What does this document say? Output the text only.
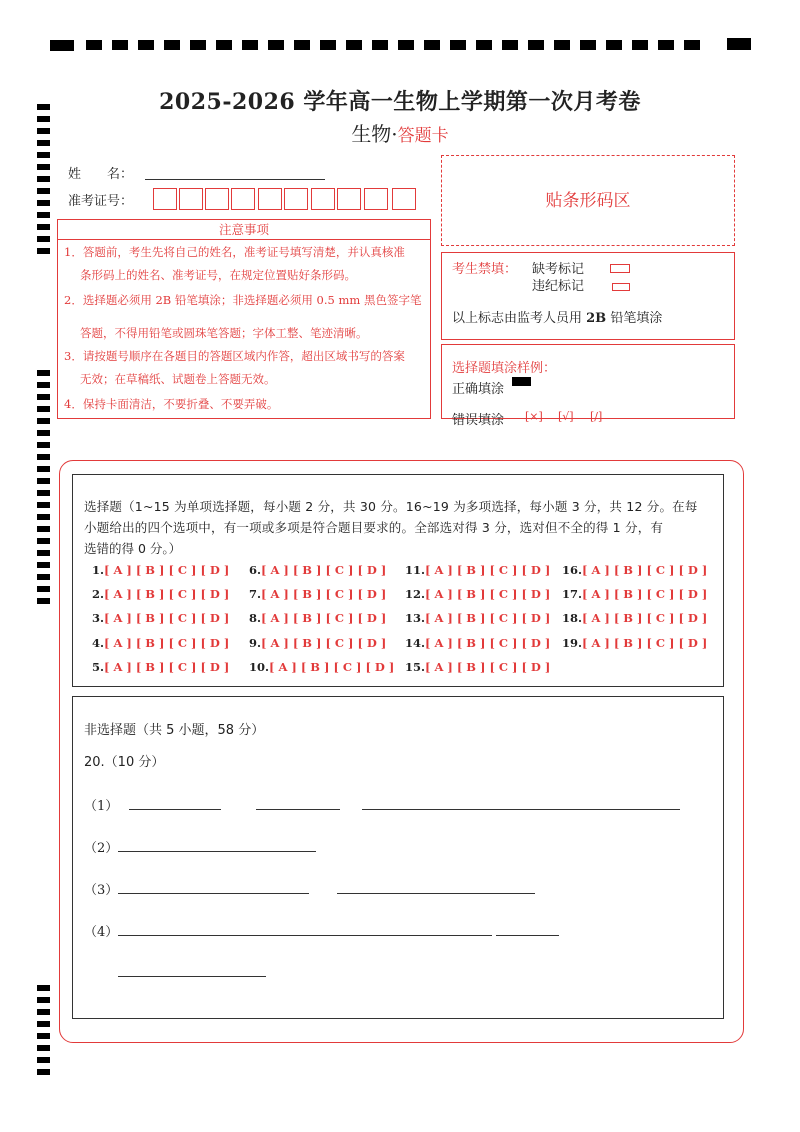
2025-2026 学年高一生物上学期第一次月考卷
生物·答题卡
姓　　名：
准考证号：	贴条形码区
注意事项
1．答题前，考生先将自己的姓名，准考证号填写清楚，并认真核准
条形码上的姓名、准考证号，在规定位置贴好条形码。
2．选择题必须用 2B 铅笔填涂；非选择题必须用 0.5 mm 黑色签字笔
答题，不得用铅笔或圆珠笔答题；字体工整、笔迹清晰。
3．请按题号顺序在各题目的答题区域内作答，超出区域书写的答案
无效；在草稿纸、试题卷上答题无效。
4．保持卡面清洁，不要折叠、不要弄破。
考生禁填： 缺考标记
违纪标记
以上标志由监考人员用 2B 铅笔填涂
选择题填涂样例：
正确填涂
错误填涂 [×] [√] [/]
选择题（1~15 为单项选择题，每小题 2 分，共 30 分。16~19 为多项选择，每小题 3 分，共 12 分。在每
小题给出的四个选项中，有一项或多项是符合题目要求的。全部选对得 3 分，选对但不全的得 1 分，有
选错的得 0 分。）
1.[ A ] [ B ] [ C ] [ D ]
2.[ A ] [ B ] [ C ] [ D ]
3.[ A ] [ B ] [ C ] [ D ]
4.[ A ] [ B ] [ C ] [ D ]
5.[ A ] [ B ] [ C ] [ D ]
6.[ A ] [ B ] [ C ] [ D ]
7.[ A ] [ B ] [ C ] [ D ]
8.[ A ] [ B ] [ C ] [ D ]
9.[ A ] [ B ] [ C ] [ D ]
10.[ A ] [ B ] [ C ] [ D ]
11.[ A ] [ B ] [ C ] [ D ]
12.[ A ] [ B ] [ C ] [ D ]
13.[ A ] [ B ] [ C ] [ D ]
14.[ A ] [ B ] [ C ] [ D ]
15.[ A ] [ B ] [ C ] [ D ]
16.[ A ] [ B ] [ C ] [ D ]
17.[ A ] [ B ] [ C ] [ D ]
18.[ A ] [ B ] [ C ] [ D ]
19.[ A ] [ B ] [ C ] [ D ]
非选择题（共 5 小题，58 分）
20.（10 分）
（1）
（2）
（3）
（4）
